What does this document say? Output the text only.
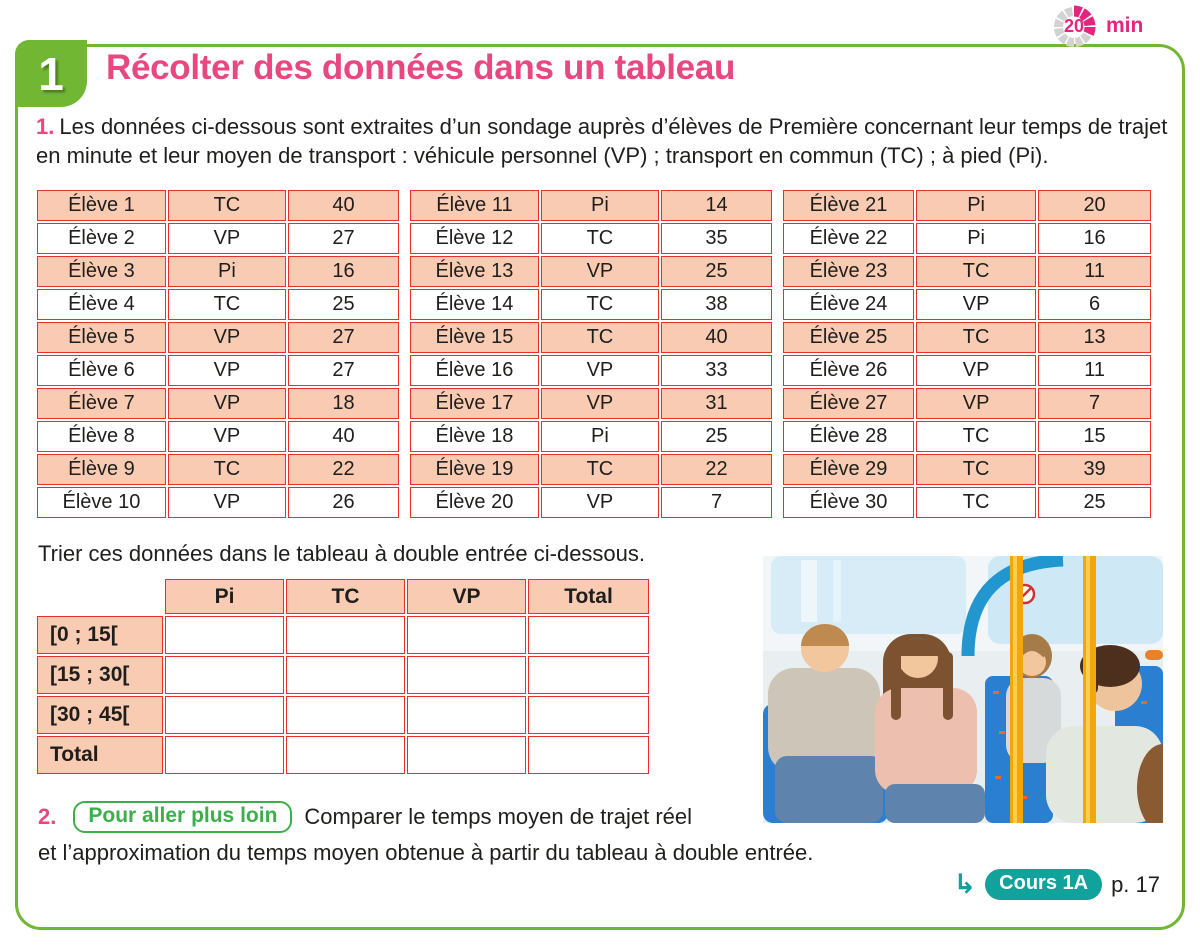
20	min
1 Récolter des données dans un tableau

1. Les données ci-dessous sont extraites d’un sondage auprès d’élèves de Première concernant leur temps de trajet en minute et leur moyen de transport : véhicule personnel (VP) ; transport en commun (TC) ; à pied (Pi).

Élève 1	TC	40
Élève 2	VP	27
Élève 3	Pi	16
Élève 4	TC	25
Élève 5	VP	27
Élève 6	VP	27
Élève 7	VP	18
Élève 8	VP	40
Élève 9	TC	22
Élève 10	VP	26
Élève 11	Pi	14
Élève 12	TC	35
Élève 13	VP	25
Élève 14	TC	38
Élève 15	TC	40
Élève 16	VP	33
Élève 17	VP	31
Élève 18	Pi	25
Élève 19	TC	22
Élève 20	VP	7
Élève 21	Pi	20
Élève 22	Pi	16
Élève 23	TC	11
Élève 24	VP	6
Élève 25	TC	13
Élève 26	VP	11
Élève 27	VP	7
Élève 28	TC	15
Élève 29	TC	39
Élève 30	TC	25

Trier ces données dans le tableau à double entrée ci-dessous.

	Pi	TC	VP	Total
[0 ; 15[				
[15 ; 30[				
[30 ; 45[				
Total				
2.	Pour aller plus loin	Comparer le temps moyen de trajet réel
et l’approximation du temps moyen obtenue à partir du tableau à double entrée.
↳	Cours 1A	p. 17
